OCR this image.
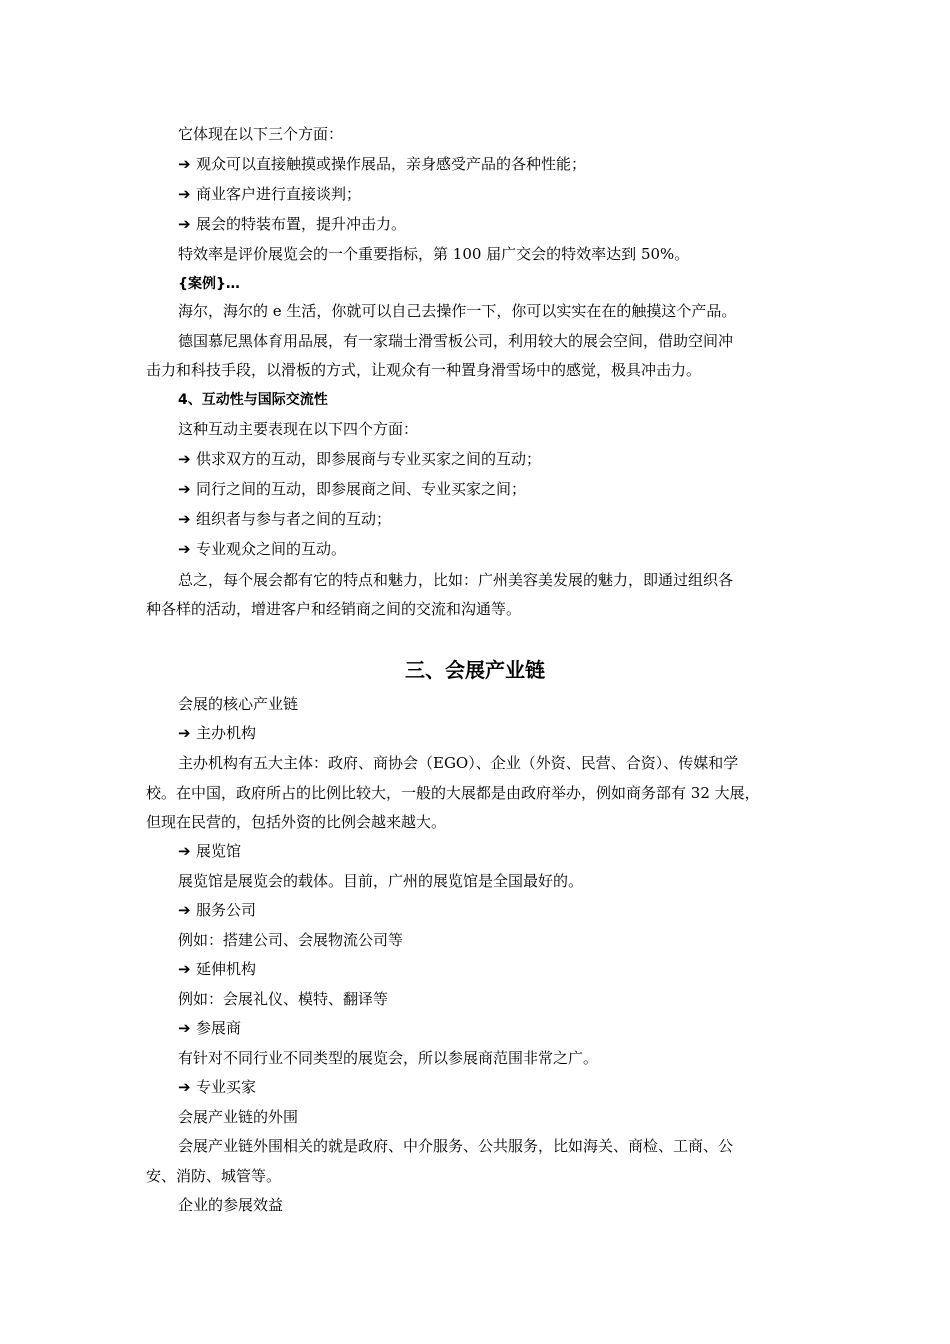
它体现在以下三个方面：
➔ 观众可以直接触摸或操作展品，亲身感受产品的各种性能；
➔ 商业客户进行直接谈判；
➔ 展会的特装布置，提升冲击力。
特效率是评价展览会的一个重要指标，第 100 届广交会的特效率达到 50%。
{案例}…
海尔，海尔的 e 生活，你就可以自己去操作一下，你可以实实在在的触摸这个产品。
德国慕尼黑体育用品展，有一家瑞士滑雪板公司，利用较大的展会空间，借助空间冲
击力和科技手段，以滑板的方式，让观众有一种置身滑雪场中的感觉，极具冲击力。
4、互动性与国际交流性
这种互动主要表现在以下四个方面：
➔ 供求双方的互动，即参展商与专业买家之间的互动；
➔ 同行之间的互动，即参展商之间、专业买家之间；
➔ 组织者与参与者之间的互动；
➔ 专业观众之间的互动。
总之，每个展会都有它的特点和魅力，比如：广州美容美发展的魅力，即通过组织各
种各样的活动，增进客户和经销商之间的交流和沟通等。
三、会展产业链
会展的核心产业链
➔ 主办机构
主办机构有五大主体：政府、商协会（EGO）、企业（外资、民营、合资）、传媒和学
校。在中国，政府所占的比例比较大，一般的大展都是由政府举办，例如商务部有 32 大展，
但现在民营的，包括外资的比例会越来越大。
➔ 展览馆
展览馆是展览会的载体。目前，广州的展览馆是全国最好的。
➔ 服务公司
例如：搭建公司、会展物流公司等
➔ 延伸机构
例如：会展礼仪、模特、翻译等
➔ 参展商
有针对不同行业不同类型的展览会，所以参展商范围非常之广。
➔ 专业买家
会展产业链的外围
会展产业链外围相关的就是政府、中介服务、公共服务，比如海关、商检、工商、公
安、消防、城管等。
企业的参展效益
